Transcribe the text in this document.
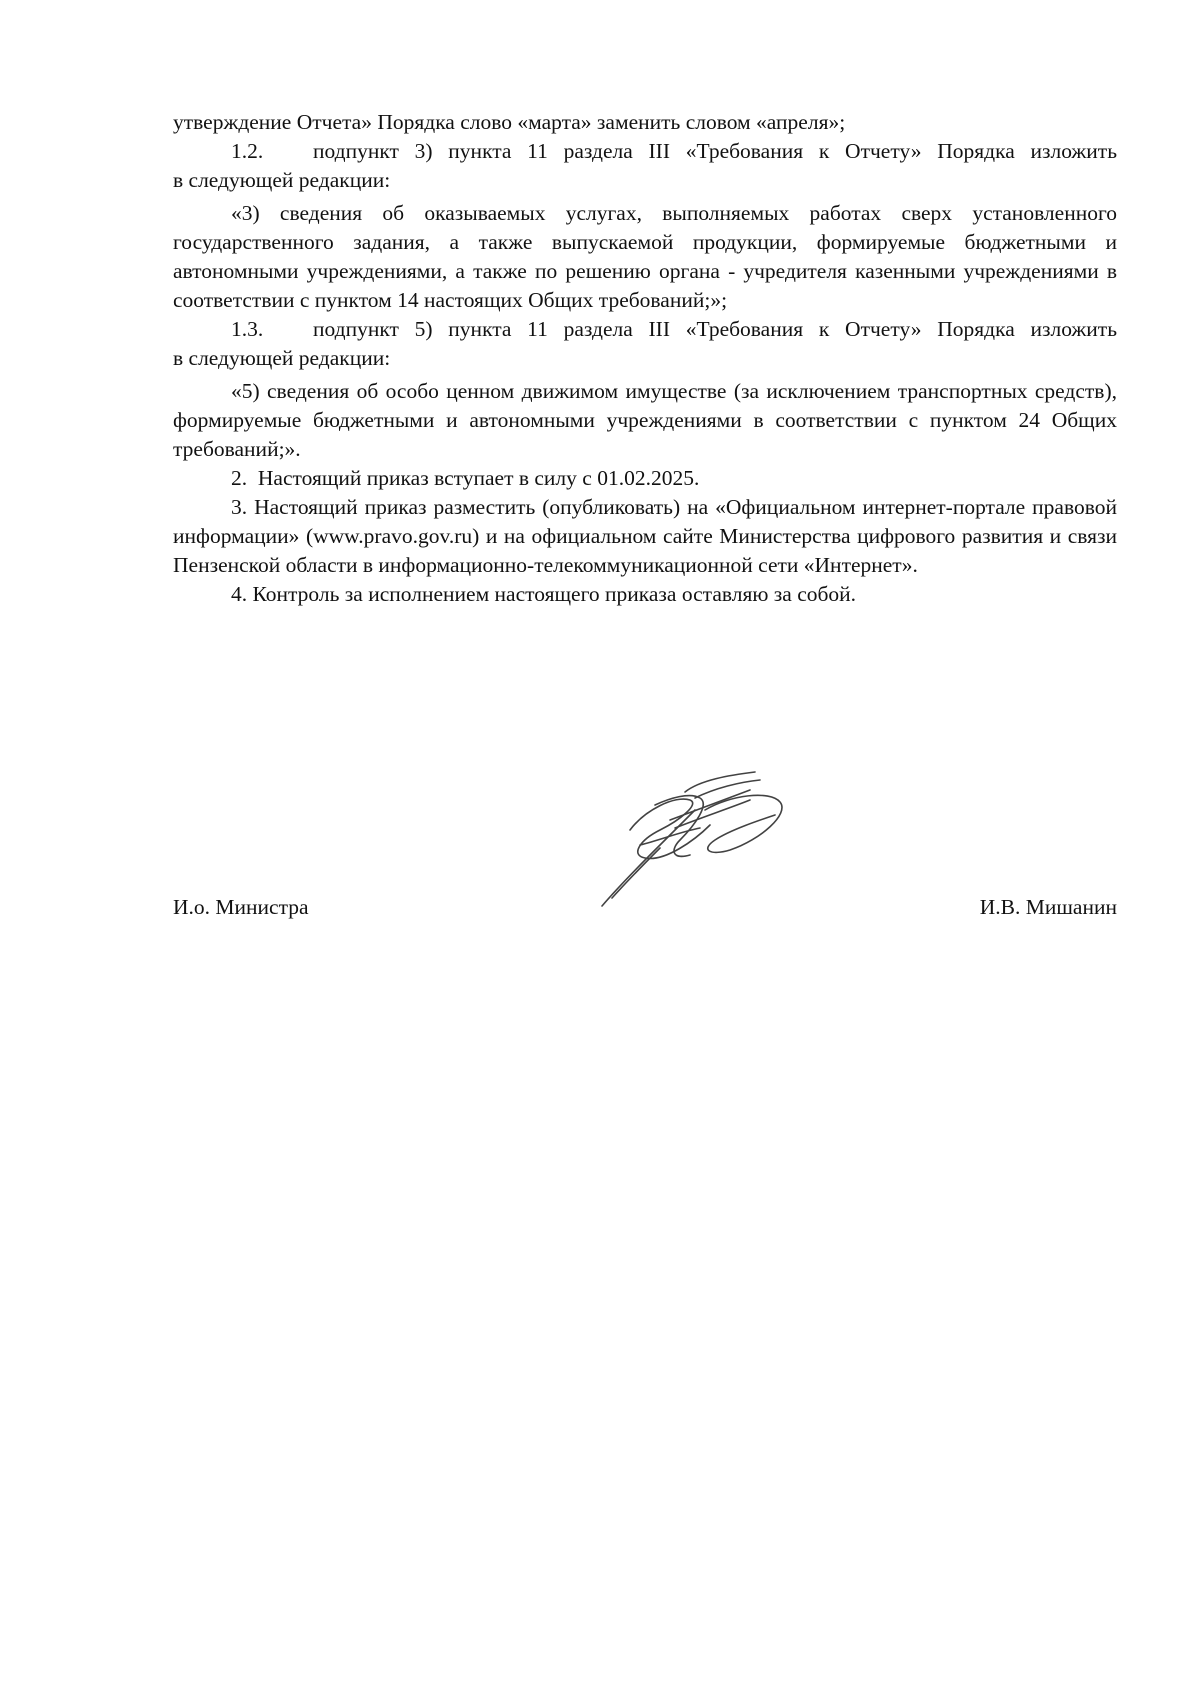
утверждение Отчета» Порядка слово «марта» заменить словом «апреля»;

1.2.	подпункт 3) пункта 11 раздела III «Требования к Отчету» Порядка изложить

в следующей редакции:

«3) сведения об оказываемых услугах, выполняемых работах сверх установленного государственного задания, а также выпускаемой продукции, формируемые бюджетными и автономными учреждениями, а также по решению органа - учредителя казенными учреждениями в соответствии с пунктом 14 настоящих Общих требований;»;

1.3.	подпункт 5) пункта 11 раздела III «Требования к Отчету» Порядка изложить

в следующей редакции:

«5) сведения об особо ценном движимом имуществе (за исключением транспортных средств), формируемые бюджетными и автономными учреждениями в соответствии с пунктом 24 Общих требований;».

2.  Настоящий приказ вступает в силу с 01.02.2025.

3. Настоящий приказ разместить (опубликовать) на «Официальном интернет-портале правовой информации» (www.pravo.gov.ru) и на официальном сайте Министерства цифрового развития и связи Пензенской области в информационно-телекоммуникационной сети «Интернет».

4. Контроль за исполнением настоящего приказа оставляю за собой.

И.о. Министра	И.В. Мишанин
